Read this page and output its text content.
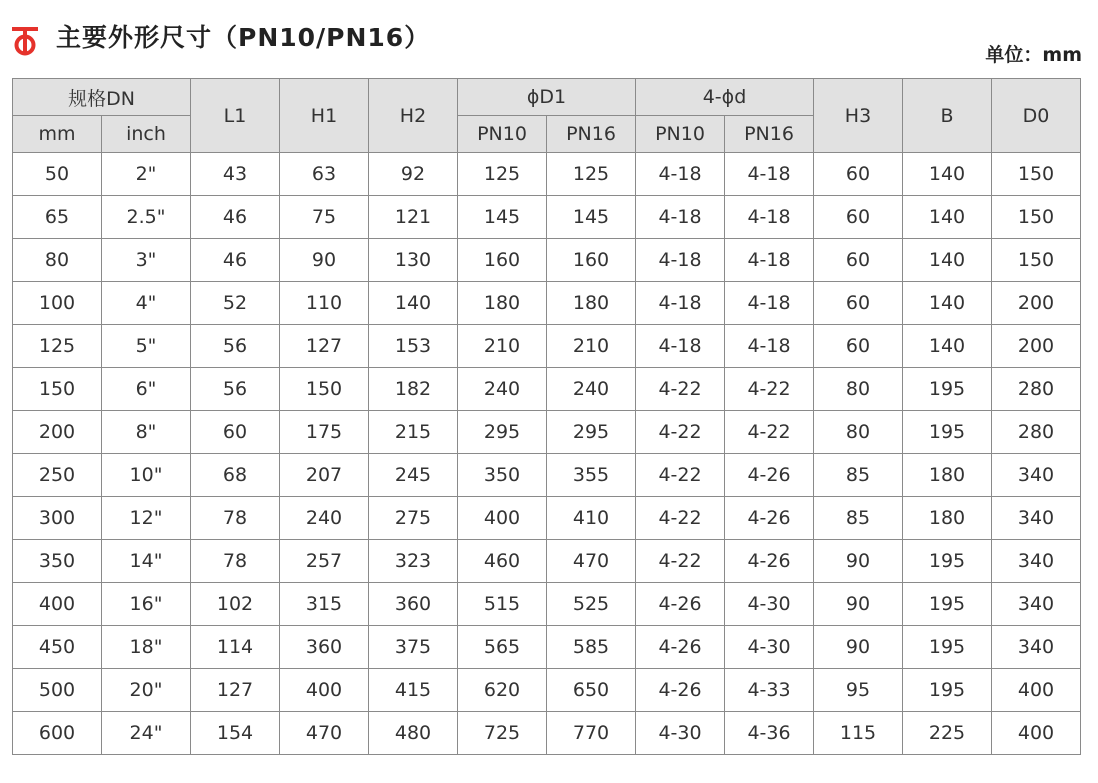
主要外形尺寸（PN10/PN16）
单位：mm
规格DN		L1	H1	H2	ϕD1		4-ϕd		H3	B	D0
mm	inch				PN10	PN16	PN10	PN16			
50	2"	43	63	92	125	125	4-18	4-18	60	140	150
65	2.5"	46	75	121	145	145	4-18	4-18	60	140	150
80	3"	46	90	130	160	160	4-18	4-18	60	140	150
100	4"	52	110	140	180	180	4-18	4-18	60	140	200
125	5"	56	127	153	210	210	4-18	4-18	60	140	200
150	6"	56	150	182	240	240	4-22	4-22	80	195	280
200	8"	60	175	215	295	295	4-22	4-22	80	195	280
250	10"	68	207	245	350	355	4-22	4-26	85	180	340
300	12"	78	240	275	400	410	4-22	4-26	85	180	340
350	14"	78	257	323	460	470	4-22	4-26	90	195	340
400	16"	102	315	360	515	525	4-26	4-30	90	195	340
450	18"	114	360	375	565	585	4-26	4-30	90	195	340
500	20"	127	400	415	620	650	4-26	4-33	95	195	400
600	24"	154	470	480	725	770	4-30	4-36	115	225	400
